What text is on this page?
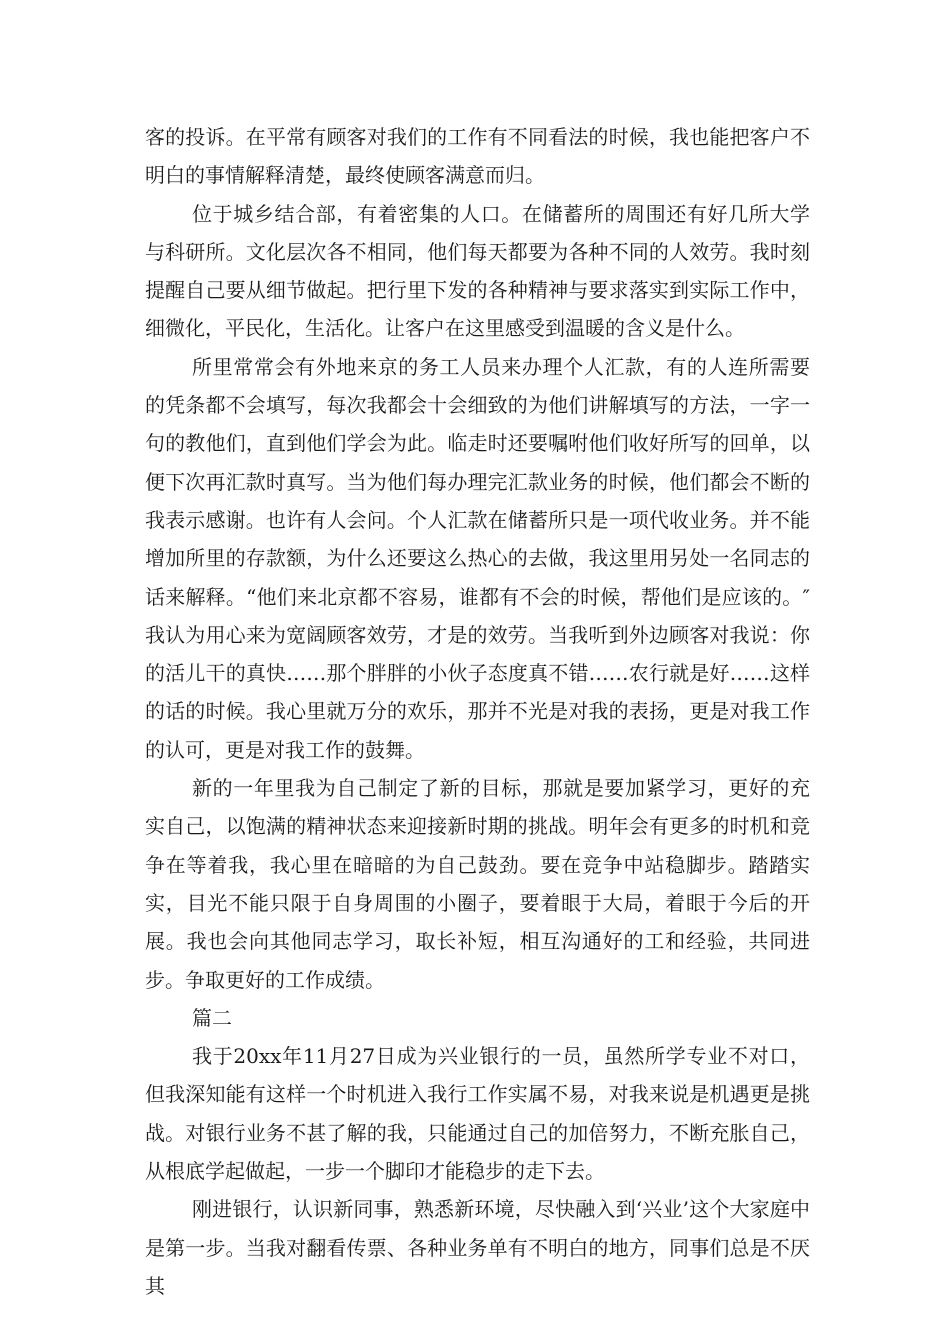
客的投诉。在平常有顾客对我们的工作有不同看法的时候，我也能把客户不明白的事情解释清楚，最终使顾客满意而归。

位于城乡结合部，有着密集的人口。在储蓄所的周围还有好几所大学与科研所。文化层次各不相同，他们每天都要为各种不同的人效劳。我时刻提醒自己要从细节做起。把行里下发的各种精神与要求落实到实际工作中，细微化，平民化，生活化。让客户在这里感受到温暖的含义是什么。

所里常常会有外地来京的务工人员来办理个人汇款，有的人连所需要的凭条都不会填写，每次我都会十会细致的为他们讲解填写的方法，一字一句的教他们，直到他们学会为此。临走时还要嘱咐他们收好所写的回单，以便下次再汇款时真写。当为他们每办理完汇款业务的时候，他们都会不断的我表示感谢。也许有人会问。个人汇款在储蓄所只是一项代收业务。并不能增加所里的存款额，为什么还要这么热心的去做，我这里用另处一名同志的话来解释。“他们来北京都不容易，谁都有不会的时候，帮他们是应该的。″我认为用心来为宽阔顾客效劳，才是的效劳。当我听到外边顾客对我说：你的活儿干的真快……那个胖胖的小伙子态度真不错……农行就是好……这样的话的时候。我心里就万分的欢乐，那并不光是对我的表扬，更是对我工作的认可，更是对我工作的鼓舞。

新的一年里我为自己制定了新的目标，那就是要加紧学习，更好的充实自己，以饱满的精神状态来迎接新时期的挑战。明年会有更多的时机和竞争在等着我，我心里在暗暗的为自己鼓劲。要在竞争中站稳脚步。踏踏实实，目光不能只限于自身周围的小圈子，要着眼于大局，着眼于今后的开展。我也会向其他同志学习，取长补短，相互沟通好的工和经验，共同进步。争取更好的工作成绩。

篇二

我于20xx年11月27日成为兴业银行的一员，虽然所学专业不对口，但我深知能有这样一个时机进入我行工作实属不易，对我来说是机遇更是挑战。对银行业务不甚了解的我，只能通过自己的加倍努力，不断充胀自己，从根底学起做起，一步一个脚印才能稳步的走下去。

刚进银行，认识新同事，熟悉新环境，尽快融入到‘兴业’这个大家庭中是第一步。当我对翻看传票、各种业务单有不明白的地方，同事们总是不厌其
